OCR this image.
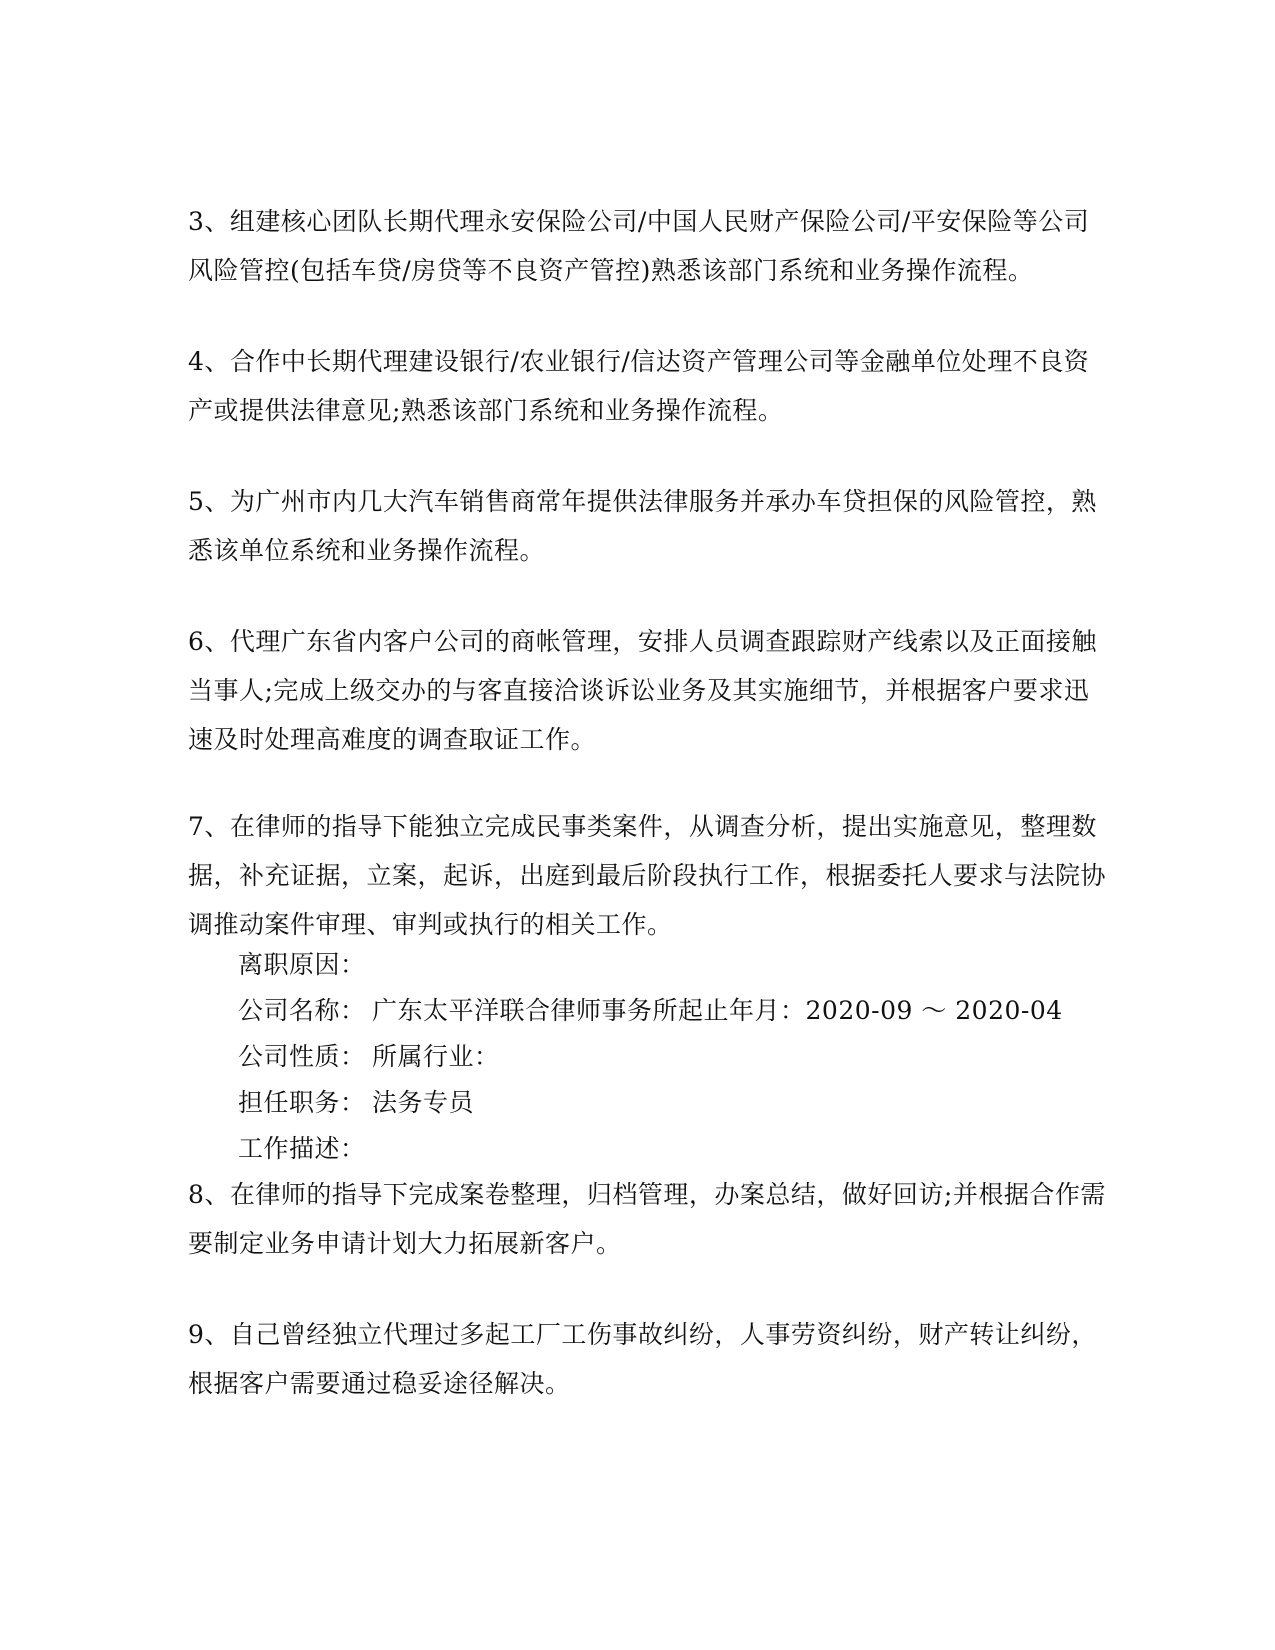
3、组建核心团队长期代理永安保险公司/中国人民财产保险公司/平安保险等公司
风险管控(包括车贷/房贷等不良资产管控)熟悉该部门系统和业务操作流程。

4、合作中长期代理建设银行/农业银行/信达资产管理公司等金融单位处理不良资
产或提供法律意见;熟悉该部门系统和业务操作流程。

5、为广州市内几大汽车销售商常年提供法律服务并承办车贷担保的风险管控，熟
悉该单位系统和业务操作流程。

6、代理广东省内客户公司的商帐管理，安排人员调查跟踪财产线索以及正面接触
当事人;完成上级交办的与客直接洽谈诉讼业务及其实施细节，并根据客户要求迅
速及时处理高难度的调查取证工作。

7、在律师的指导下能独立完成民事类案件，从调查分析，提出实施意见，整理数
据，补充证据，立案，起诉，出庭到最后阶段执行工作，根据委托人要求与法院协
调推动案件审理、审判或执行的相关工作。

离职原因：
公司名称： 广东太平洋联合律师事务所起止年月：2020-09 ～ 2020-04
公司性质： 所属行业：
担任职务： 法务专员
工作描述：

8、在律师的指导下完成案卷整理，归档管理，办案总结，做好回访;并根据合作需
要制定业务申请计划大力拓展新客户。

9、自己曾经独立代理过多起工厂工伤事故纠纷，人事劳资纠纷，财产转让纠纷，
根据客户需要通过稳妥途径解决。
